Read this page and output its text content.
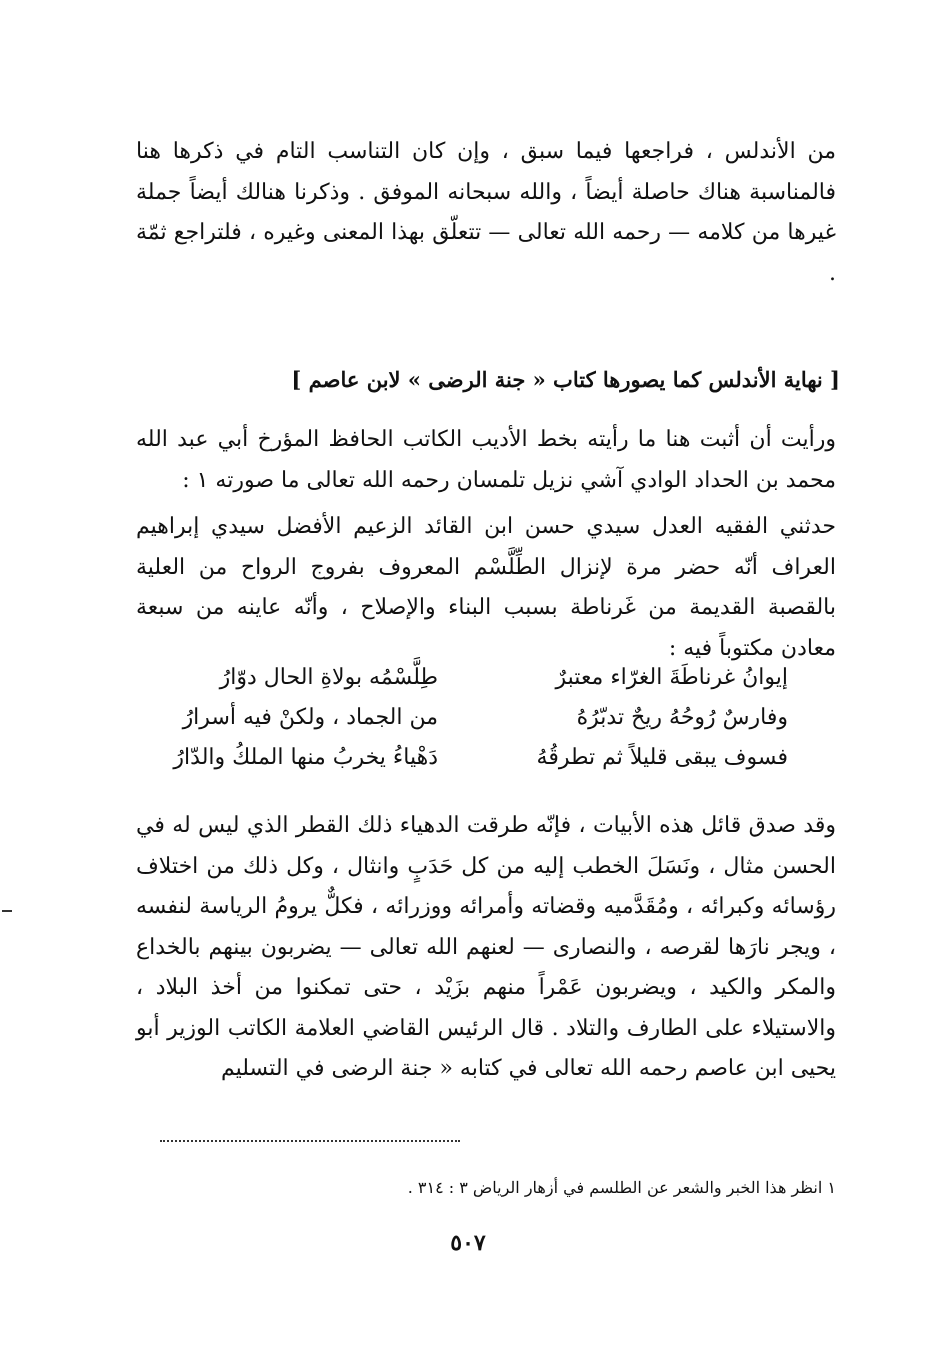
من الأندلس ، فراجعها فيما سبق ، وإن كان التناسب التام في ذكرها هنا فالمناسبة هناك حاصلة أيضاً ، والله سبحانه الموفق . وذكرنا هنالك أيضاً جملة غيرها من كلامه — رحمه الله تعالى — تتعلّق بهذا المعنى وغيره ، فلتراجع ثمّة .
[ نهاية الأندلس كما يصورها كتاب « جنة الرضى » لابن عاصم ]
ورأيت أن أثبت هنا ما رأيته بخط الأديب الكاتب الحافظ المؤرخ أبي عبد الله محمد بن الحداد الوادي آشي نزيل تلمسان رحمه الله تعالى ما صورته ١ :
حدثني الفقيه العدل سيدي حسن ابن القائد الزعيم الأفضل سيدي إبراهيم العراف أنّه حضر مرة لإنزال الطِّلَّسْم المعروف بفروج الرواح من العلية بالقصبة القديمة من غَرناطة بسبب البناء والإصلاح ، وأنّه عاينه من سبعة معادن مكتوباً فيه :
إيوانُ غرناطَةَ الغرّاء معتبرٌ
طِلَّسْمُه بولاةِ الحال دوّارُ
وفارسٌ رُوحُهُ ريحٌ تدبّرُهُ
من الجماد ، ولكنْ فيه أسرارُ
فسوف يبقى قليلاً ثم تطرقُهُ
دَهْياءُ يخربُ منها الملكُ والدّارُ
وقد صدق قائل هذه الأبيات ، فإنّه طرقت الدهياء ذلك القطر الذي ليس له في الحسن مثال ، ونَسَلَ الخطب إليه من كل حَدَبٍ وانثال ، وكل ذلك من اختلاف رؤسائه وكبرائه ، ومُقَدَّميه وقضاته وأمرائه ووزرائه ، فكلٌّ يرومُ الرياسة لنفسه ، ويجر نارَها لقرصه ، والنصارى — لعنهم الله تعالى — يضربون بينهم بالخداع والمكر والكيد ، ويضربون عَمْراً منهم بزَيْد ، حتى تمكنوا من أخذ البلاد ، والاستيلاء على الطارف والتلاد . قال الرئيس القاضي العلامة الكاتب الوزير أبو يحيى ابن عاصم رحمه الله تعالى في كتابه « جنة الرضى في التسليم
١ انظر هذا الخبر والشعر عن الطلسم في أزهار الرياض ٣ : ٣١٤ .
٥٠٧
